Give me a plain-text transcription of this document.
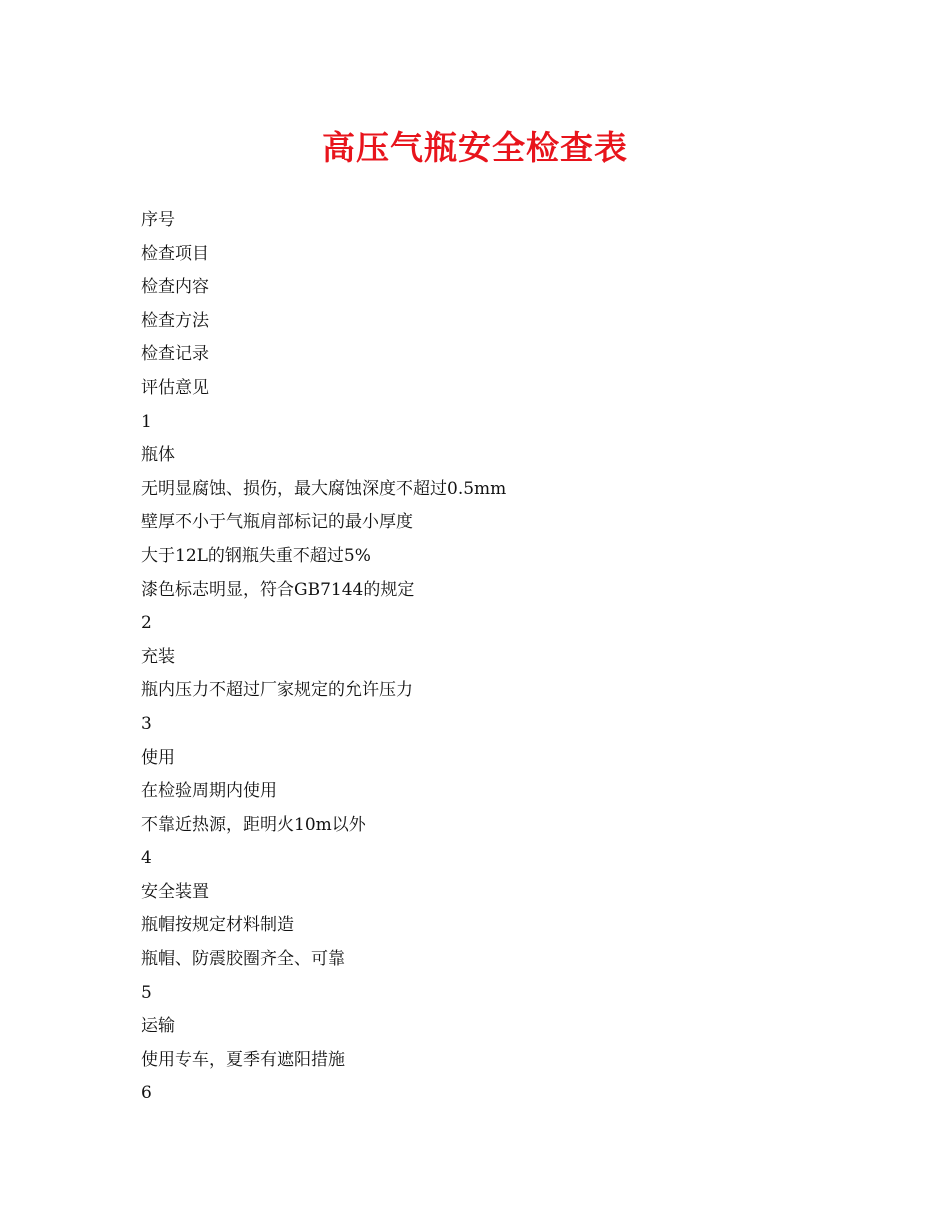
高压气瓶安全检查表
序号
检查项目
检查内容
检查方法
检查记录
评估意见
1
瓶体
无明显腐蚀、损伤，最大腐蚀深度不超过0.5mm
壁厚不小于气瓶肩部标记的最小厚度
大于12L的钢瓶失重不超过5%
漆色标志明显，符合GB7144的规定
2
充装
瓶内压力不超过厂家规定的允许压力
3
使用
在检验周期内使用
不靠近热源，距明火10m以外
4
安全装置
瓶帽按规定材料制造
瓶帽、防震胶圈齐全、可靠
5
运输
使用专车，夏季有遮阳措施
6
